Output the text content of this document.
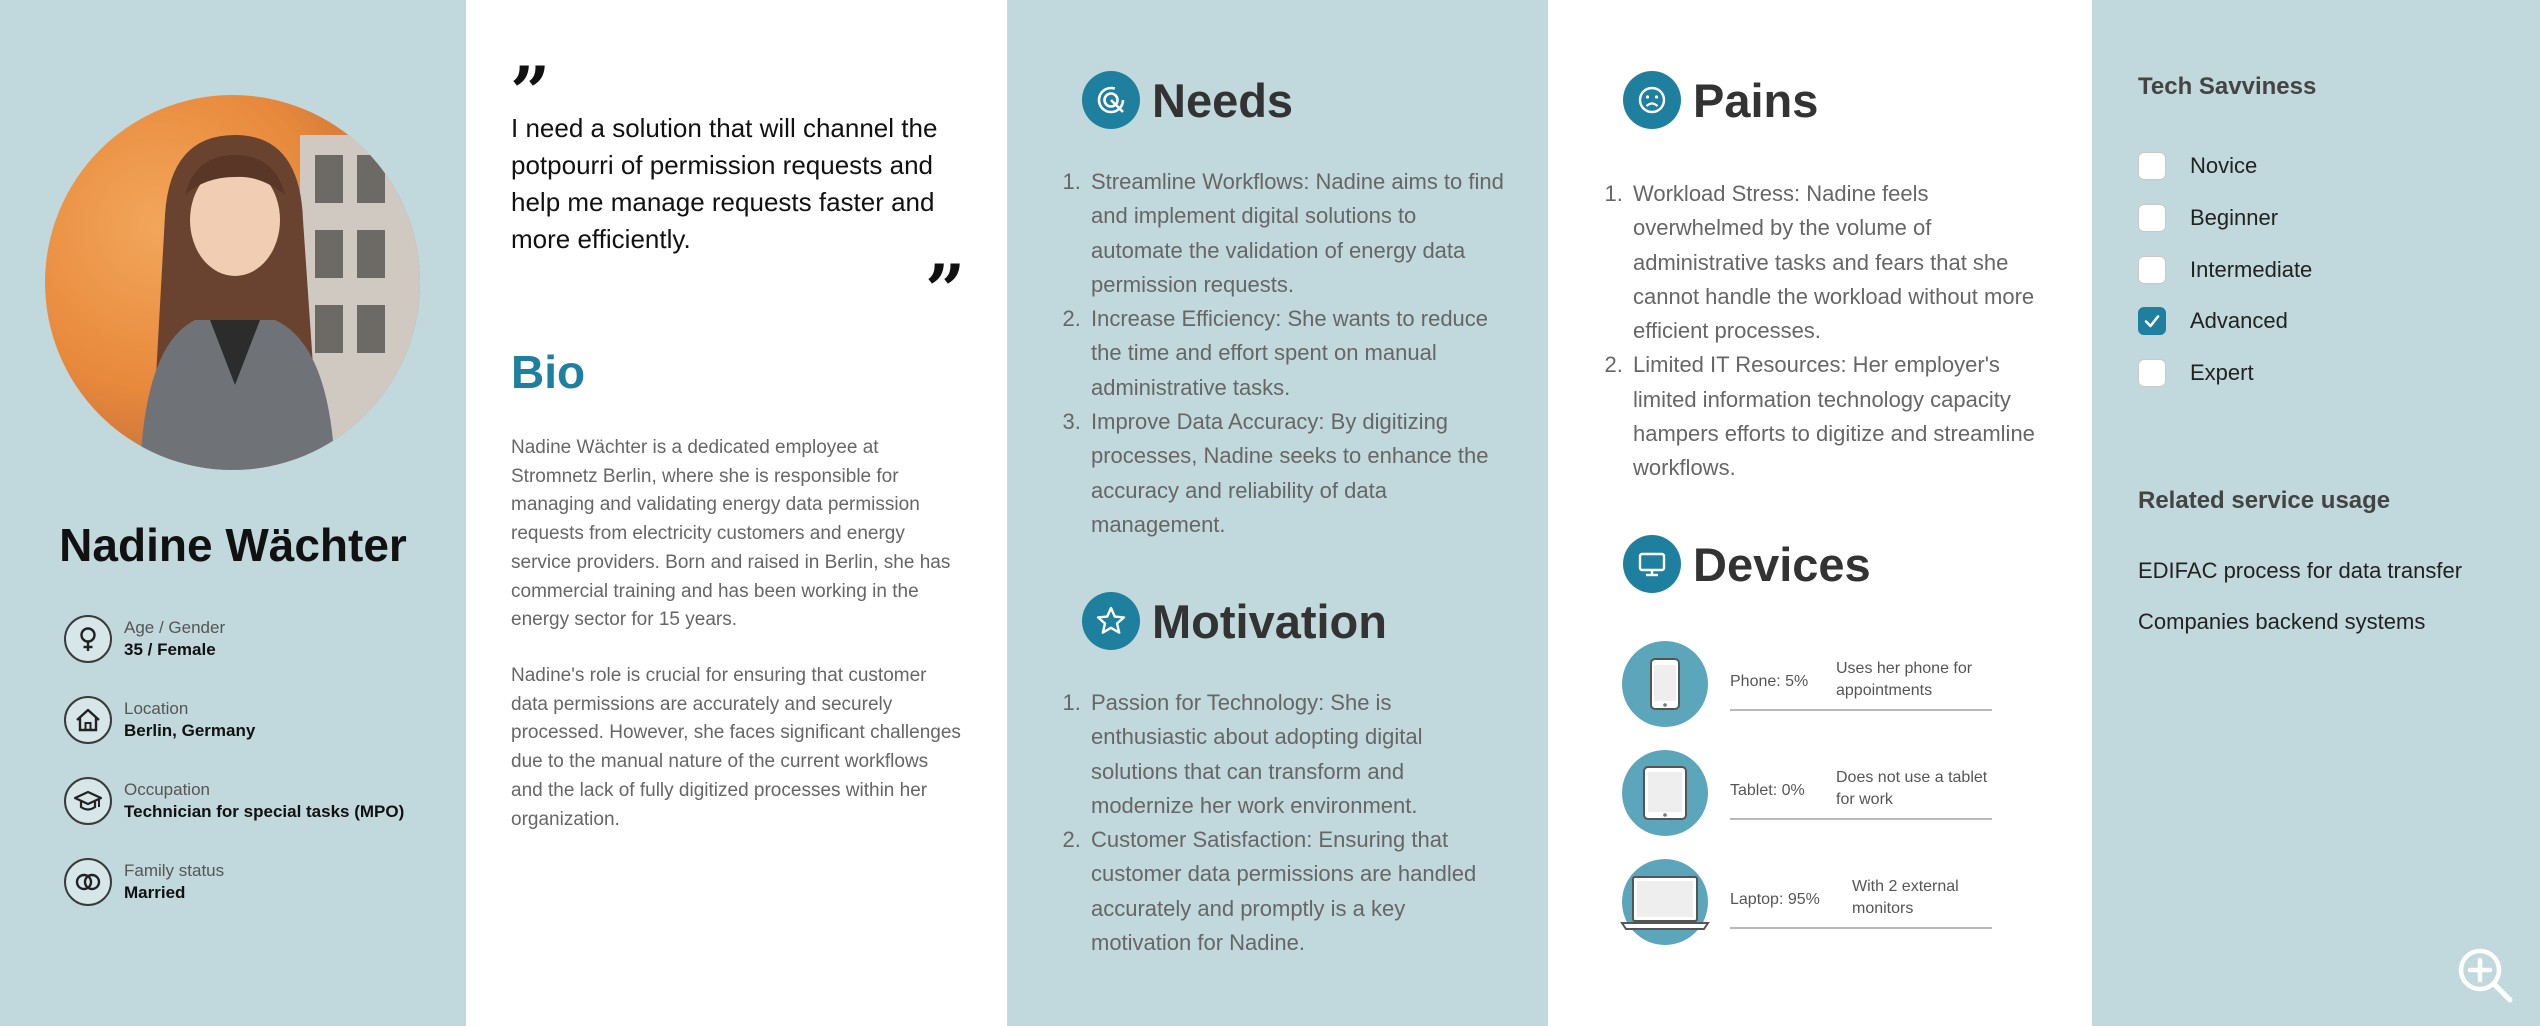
Nadine Wächter
Age / Gender
35 / Female
Location
Berlin, Germany
Occupation
Technician for special tasks (MPO)
Family status
Married
”
I need a solution that will channel the potpourri of permission requests and help me manage requests faster and more efficiently.
”
Bio
Nadine Wächter is a dedicated employee at Stromnetz Berlin, where she is responsible for managing and validating energy data permission requests from electricity customers and energy service providers. Born and raised in Berlin, she has commercial training and has been working in the energy sector for 15 years.
Nadine's role is crucial for ensuring that customer data permissions are accurately and securely processed. However, she faces significant challenges due to the manual nature of the current workflows and the lack of fully digitized processes within her organization.
Needs
1. Streamline Workflows: Nadine aims to find and implement digital solutions to automate the validation of energy data permission requests.
2. Increase Efficiency: She wants to reduce the time and effort spent on manual administrative tasks.
3. Improve Data Accuracy: By digitizing processes, Nadine seeks to enhance the accuracy and reliability of data management.
Motivation
1. Passion for Technology: She is enthusiastic about adopting digital solutions that can transform and modernize her work environment.
2. Customer Satisfaction: Ensuring that customer data permissions are handled accurately and promptly is a key motivation for Nadine.
Pains
1. Workload Stress: Nadine feels overwhelmed by the volume of administrative tasks and fears that she cannot handle the workload without more efficient processes.
2. Limited IT Resources: Her employer's limited information technology capacity hampers efforts to digitize and streamline workflows.
Devices
Phone: 5%
Uses her phone for appointments
Tablet: 0%
Does not use a tablet for work
Laptop: 95%
With 2 external monitors
Tech Savviness
Novice
Beginner
Intermediate
Advanced
Expert
Related service usage
EDIFAC process for data transfer
Companies backend systems
